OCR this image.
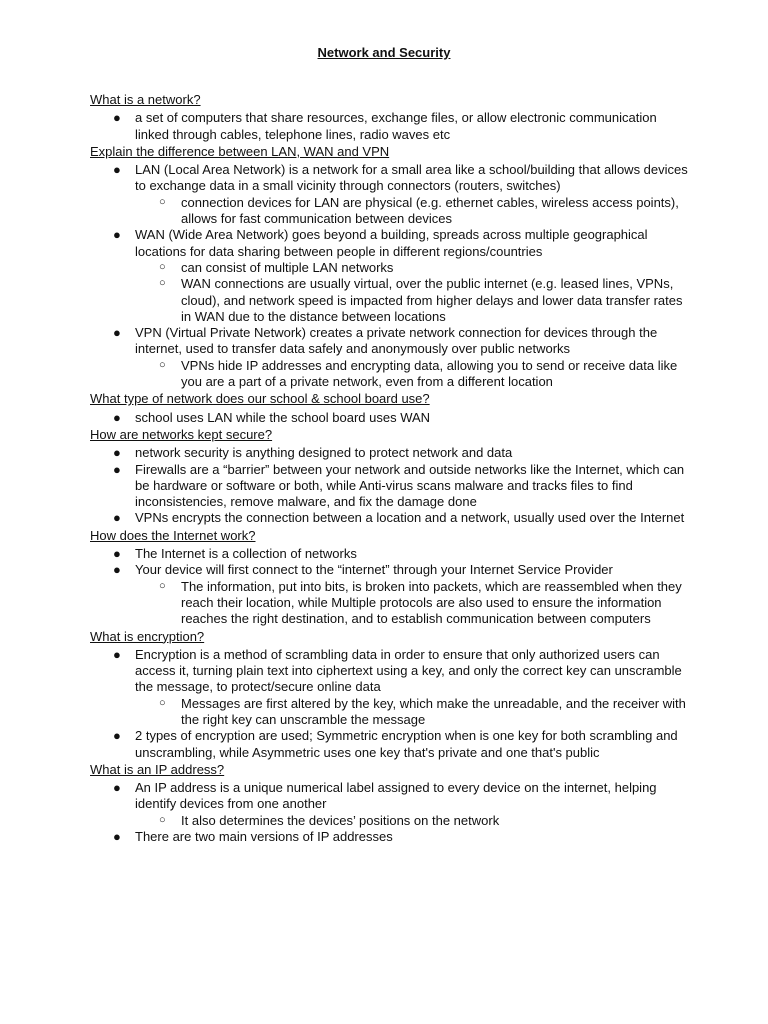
Network and Security
What is a network?
● a set of computers that share resources, exchange files, or allow electronic communication linked through cables, telephone lines, radio waves etc
Explain the difference between LAN, WAN and VPN
● LAN (Local Area Network) is a network for a small area like a school/building that allows devices to exchange data in a small vicinity through connectors (routers, switches)
○ connection devices for LAN are physical (e.g. ethernet cables, wireless access points), allows for fast communication between devices
● WAN (Wide Area Network) goes beyond a building, spreads across multiple geographical locations for data sharing between people in different regions/countries
○ can consist of multiple LAN networks
○ WAN connections are usually virtual, over the public internet (e.g. leased lines, VPNs, cloud), and network speed is impacted from higher delays and lower data transfer rates in WAN due to the distance between locations
● VPN (Virtual Private Network) creates a private network connection for devices through the internet, used to transfer data safely and anonymously over public networks
○ VPNs hide IP addresses and encrypting data, allowing you to send or receive data like you are a part of a private network, even from a different location
What type of network does our school & school board use?
● school uses LAN while the school board uses WAN
How are networks kept secure?
● network security is anything designed to protect network and data
● Firewalls are a “barrier” between your network and outside networks like the Internet, which can be hardware or software or both, while Anti-virus scans malware and tracks files to find inconsistencies, remove malware, and fix the damage done
● VPNs encrypts the connection between a location and a network, usually used over the Internet
How does the Internet work?
● The Internet is a collection of networks
● Your device will first connect to the “internet” through your Internet Service Provider
○ The information, put into bits, is broken into packets, which are reassembled when they reach their location, while Multiple protocols are also used to ensure the information reaches the right destination, and to establish communication between computers
What is encryption?
● Encryption is a method of scrambling data in order to ensure that only authorized users can access it, turning plain text into ciphertext using a key, and only the correct key can unscramble the message, to protect/secure online data
○ Messages are first altered by the key, which make the unreadable, and the receiver with the right key can unscramble the message
● 2 types of encryption are used; Symmetric encryption when is one key for both scrambling and unscrambling, while Asymmetric uses one key that's private and one that's public
What is an IP address?
● An IP address is a unique numerical label assigned to every device on the internet, helping identify devices from one another
○ It also determines the devices’ positions on the network
● There are two main versions of IP addresses
